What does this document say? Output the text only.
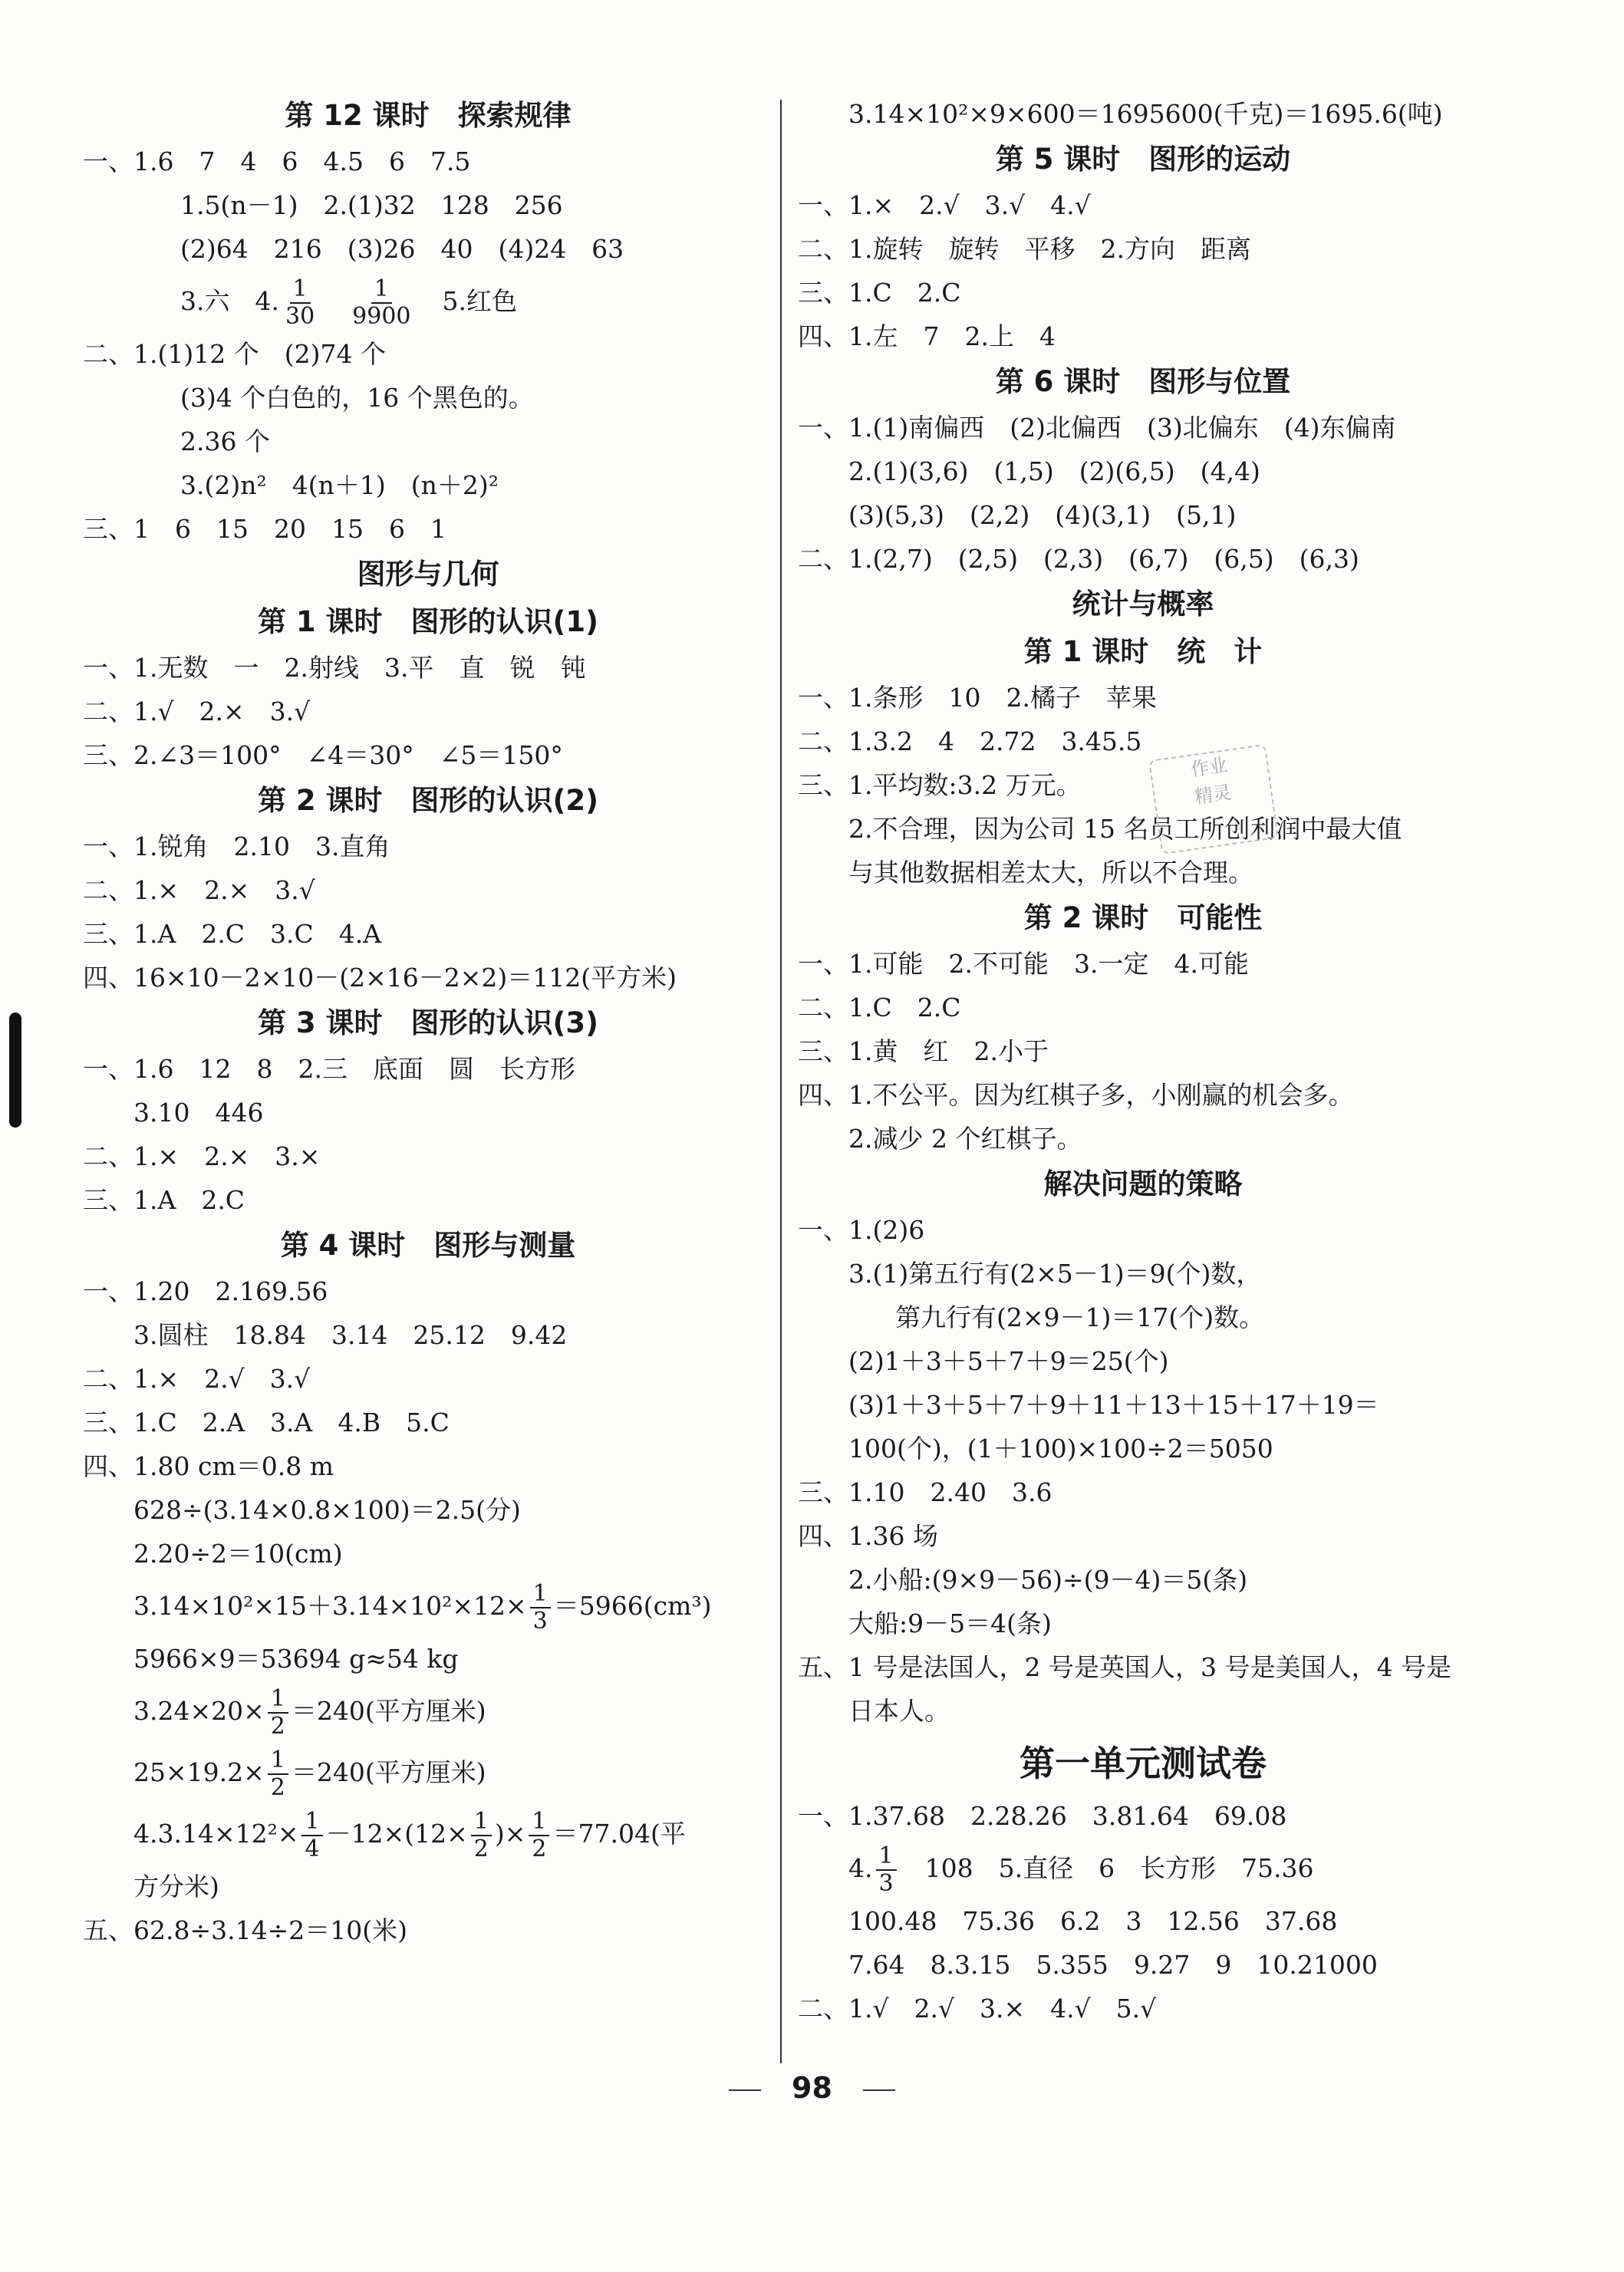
第 12 课时　探索规律
一、1.6　7　4　6　4.5　6　7.5
1.5(n－1)　2.(1)32　128　256
(2)64　216　(3)26　40　(4)24　63
3.六　4. $\frac{1}{30}$
　 $\frac{1}{9900}$ 　5.红色
二、1.(1)12 个　(2)74 个
(3)4 个白色的，16 个黑色的。
2.36 个
3.(2)n²　4(n＋1)　(n＋2)²
三、1　6　15　20　15　6　1
图形与几何
第 1 课时　图形的认识(1)
一、1.无数　一　2.射线　3.平　直　锐　钝
二、1.√　2.×　3.√
三、2.∠3＝100°　∠4＝30°　∠5＝150°
第 2 课时　图形的认识(2)
一、1.锐角　2.10　3.直角
二、1.×　2.×　3.√
三、1.A　2.C　3.C　4.A
四、16×10－2×10－(2×16－2×2)＝112(平方米)
第 3 课时　图形的认识(3)
一、1.6　12　8　2.三　底面　圆　长方形
3.10　446
二、1.×　2.×　3.×
三、1.A　2.C
第 4 课时　图形与测量
一、1.20　2.169.56
3.圆柱　18.84　3.14　25.12　9.42
二、1.×　2.√　3.√
三、1.C　2.A　3.A　4.B　5.C
四、1.80 cm＝0.8 m
628÷(3.14×0.8×100)＝2.5(分)
2.20÷2＝10(cm)
$3.14\times 10^2\times 15+3.14\times 10^2\times 12\times \frac{1}{3} =5966(cm^3)$
5966×9＝53694 g≈54 kg
$3.24\times 20\times \frac{1}{2} =240$(平方厘米)
$25\times 19.2\times \frac{1}{2} =240$(平方厘米)
$4.3.14\times 12^2\times \frac{1}{4} -12\times(12\times \frac{1}{2}$ )× $\frac{1}{2} =77.04$(平
方分米)
五、62.8÷3.14÷2＝10(米)
3.14×10²×9×600＝1695600(千克)＝1695.6(吨)
第 5 课时　图形的运动
一、1.×　2.√　3.√　4.√
二、1.旋转　旋转　平移　2.方向　距离
三、1.C　2.C
四、1.左　7　2.上　4
第 6 课时　图形与位置
一、1.(1)南偏西　(2)北偏西　(3)北偏东　(4)东偏南
2.(1)(3,6)　(1,5)　(2)(6,5)　(4,4)
(3)(5,3)　(2,2)　(4)(3,1)　(5,1)
二、1.(2,7)　(2,5)　(2,3)　(6,7)　(6,5)　(6,3)
统计与概率
第 1 课时　统　计
一、1.条形　10　2.橘子　苹果
二、1.3.2　4　2.72　3.45.5
三、1.平均数:3.2 万元。
2.不合理，因为公司 15 名员工所创利润中最大值
与其他数据相差太大，所以不合理。
第 2 课时　可能性
一、1.可能　2.不可能　3.一定　4.可能
二、1.C　2.C
三、1.黄　红　2.小于
四、1.不公平。因为红棋子多，小刚赢的机会多。
2.减少 2 个红棋子。
解决问题的策略
一、1.(2)6
3.(1)第五行有(2×5－1)＝9(个)数，
第九行有(2×9－1)＝17(个)数。
(2)1＋3＋5＋7＋9＝25(个)
(3)1＋3＋5＋7＋9＋11＋13＋15＋17＋19＝
100(个)，(1＋100)×100÷2＝5050
三、1.10　2.40　3.6
四、1.36 场
2.小船:(9×9－56)÷(9－4)＝5(条)
大船:9－5＝4(条)
五、1 号是法国人，2 号是英国人，3 号是美国人，4 号是
日本人。
第一单元测试卷
一、1.37.68　2.28.26　3.81.64　69.08
4. $\frac{1}{3}$ 　108　5.直径　6　长方形　75.36
100.48　75.36　6.2　3　12.56　37.68
7.64　8.3.15　5.355　9.27　9　10.21000
二、1.√　2.√　3.×　4.√　5.√
作业
精灵
98
